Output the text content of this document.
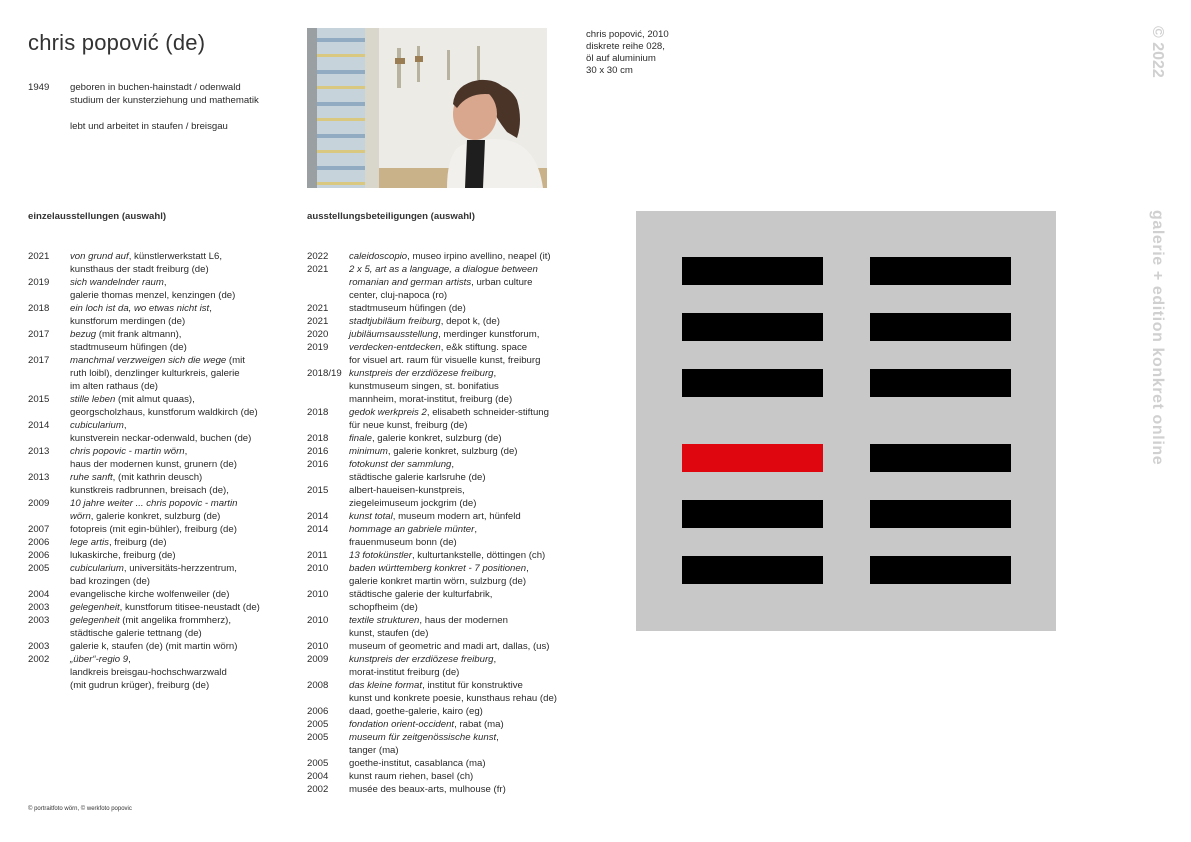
chris popović (de)
1949	geboren in buchen-hainstadt / odenwald
studium der kunsterziehung und mathematik
lebt und arbeitet in staufen / breisgau
chris popović, 2010
diskrete reihe 028,
öl auf aluminium
30 x 30 cm
einzelausstellungen (auswahl)	ausstellungsbeteiligungen (auswahl)
2021	von grund auf, künstlerwerkstatt L6,
kunsthaus der stadt freiburg (de)
2019	sich wandelnder raum,
galerie thomas menzel, kenzingen (de)
2018	ein loch ist da, wo etwas nicht ist,
kunstforum merdingen (de)
2017	bezug (mit frank altmann),
stadtmuseum hüfingen (de)
2017	manchmal verzweigen sich die wege (mit
ruth loibl), denzlinger kulturkreis, galerie
im alten rathaus (de)
2015	stille leben (mit almut quaas),
georgscholzhaus, kunstforum waldkirch (de)
2014	cubicularium,
kunstverein neckar-odenwald, buchen (de)
2013	chris popovic - martin wörn,
haus der modernen kunst, grunern (de)
2013	ruhe sanft, (mit kathrin deusch)
kunstkreis radbrunnen, breisach (de),
2009	10 jahre weiter ... chris popovic - martin
wörn, galerie konkret, sulzburg (de)
2007	fotopreis (mit egin-bühler), freiburg (de)
2006	lege artis, freiburg (de)
2006	lukaskirche, freiburg (de)
2005	cubicularium, universitäts-herzzentrum,
bad krozingen (de)
2004	evangelische kirche wolfenweiler (de)
2003	gelegenheit, kunstforum titisee-neustadt (de)
2003	gelegenheit (mit angelika frommherz),
städtische galerie tettnang (de)
2003	galerie k, staufen (de) (mit martin wörn)
2002	„über“-regio 9,
landkreis breisgau-hochschwarzwald
(mit gudrun krüger), freiburg (de)
2022	caleidoscopio, museo irpino avellino, neapel (it)
2021	2 x 5, art as a language, a dialogue between
romanian and german artists, urban culture
center, cluj-napoca (ro)
2021	stadtmuseum hüfingen (de)
2021	stadtjubiläum freiburg, depot k, (de)
2020	jubiläumsausstellung, merdinger kunstforum,
2019	verdecken-entdecken, e&k stiftung. space
for visuel art. raum für visuelle kunst, freiburg
2018/19 kunstpreis der erzdiözese freiburg,
kunstmuseum singen, st. bonifatius
mannheim, morat-institut, freiburg (de)
2018	gedok werkpreis 2, elisabeth schneider-stiftung
für neue kunst, freiburg (de)
2018	finale, galerie konkret, sulzburg (de)
2016	minimum, galerie konkret, sulzburg (de)
2016	fotokunst der sammlung,
städtische galerie karlsruhe (de)
2015	albert-haueisen-kunstpreis,
ziegeleimuseum jockgrim (de)
2014	kunst total, museum modern art, hünfeld
2014	hommage an gabriele münter,
frauenmuseum bonn (de)
2011	13 fotokünstler, kulturtankstelle, döttingen (ch)
2010	baden württemberg konkret - 7 positionen,
galerie konkret martin wörn, sulzburg (de)
2010	städtische galerie der kulturfabrik,
schopfheim (de)
2010	textile strukturen, haus der modernen
kunst, staufen (de)
2010	museum of geometric and madi art, dallas, (us)
2009	kunstpreis der erzdiözese freiburg,
morat-institut freiburg (de)
2008	das kleine format, institut für konstruktive
kunst und konkrete poesie, kunsthaus rehau (de)
2006	daad, goethe-galerie, kairo (eg)
2005	fondation orient-occident, rabat (ma)
2005	museum für zeitgenössische kunst,
tanger (ma)
2005	goethe-institut, casablanca (ma)
2004	kunst raum riehen, basel (ch)
2002	musée des beaux-arts, mulhouse (fr)
© portraitfoto wörn, © werkfoto popovic
© 2022
galerie + edition konkret online
